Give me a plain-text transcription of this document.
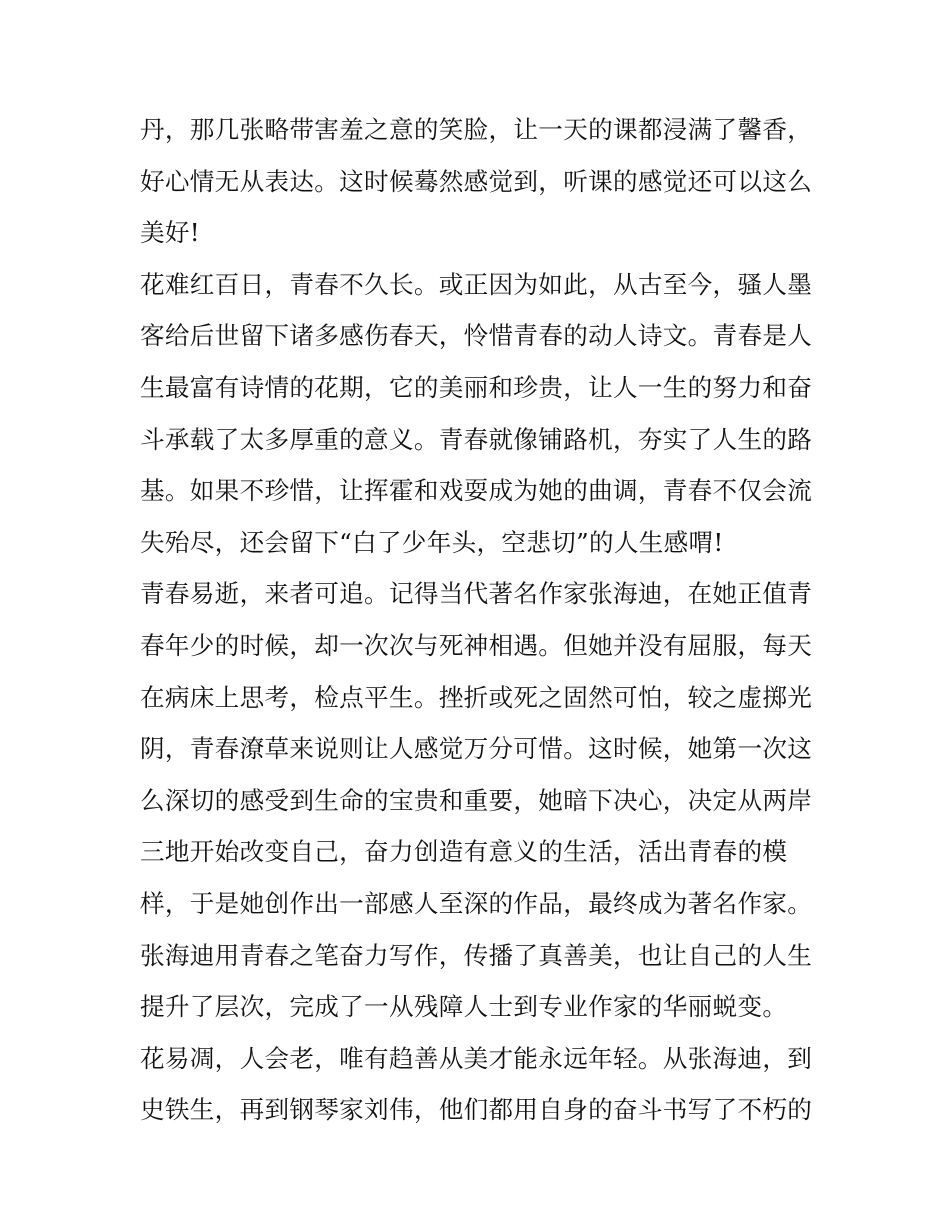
丹，那几张略带害羞之意的笑脸，让一天的课都浸满了馨香，
好心情无从表达。这时候蓦然感觉到，听课的感觉还可以这么
美好!
花难红百日，青春不久长。或正因为如此，从古至今，骚人墨
客给后世留下诸多感伤春天，怜惜青春的动人诗文。青春是人
生最富有诗情的花期，它的美丽和珍贵，让人一生的努力和奋
斗承载了太多厚重的意义。青春就像铺路机，夯实了人生的路
基。如果不珍惜，让挥霍和戏耍成为她的曲调，青春不仅会流
失殆尽，还会留下“白了少年头，空悲切”的人生感喟!
青春易逝，来者可追。记得当代著名作家张海迪，在她正值青
春年少的时候，却一次次与死神相遇。但她并没有屈服，每天
在病床上思考，检点平生。挫折或死之固然可怕，较之虚掷光
阴，青春潦草来说则让人感觉万分可惜。这时候，她第一次这
么深切的感受到生命的宝贵和重要，她暗下决心，决定从两岸
三地开始改变自己，奋力创造有意义的生活，活出青春的模
样，于是她创作出一部感人至深的作品，最终成为著名作家。
张海迪用青春之笔奋力写作，传播了真善美，也让自己的人生
提升了层次，完成了一从残障人士到专业作家的华丽蜕变。
花易凋，人会老，唯有趋善从美才能永远年轻。从张海迪，到
史铁生，再到钢琴家刘伟，他们都用自身的奋斗书写了不朽的
